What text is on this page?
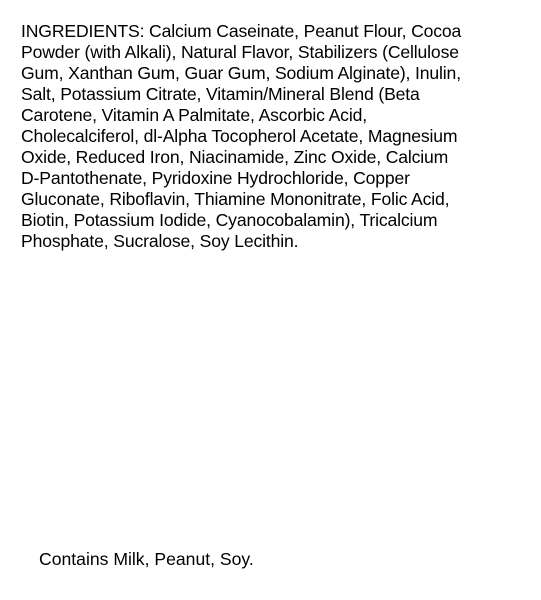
INGREDIENTS: Calcium Caseinate, Peanut Flour, Cocoa
Powder (with Alkali), Natural Flavor, Stabilizers (Cellulose
Gum, Xanthan Gum, Guar Gum, Sodium Alginate), Inulin,
Salt, Potassium Citrate, Vitamin/Mineral Blend (Beta
Carotene, Vitamin A Palmitate, Ascorbic Acid,
Cholecalciferol, dl-Alpha Tocopherol Acetate, Magnesium
Oxide, Reduced Iron, Niacinamide, Zinc Oxide, Calcium
D-Pantothenate, Pyridoxine Hydrochloride, Copper
Gluconate, Riboflavin, Thiamine Mononitrate, Folic Acid,
Biotin, Potassium Iodide, Cyanocobalamin), Tricalcium
Phosphate, Sucralose, Soy Lecithin.

Contains Milk, Peanut, Soy.
